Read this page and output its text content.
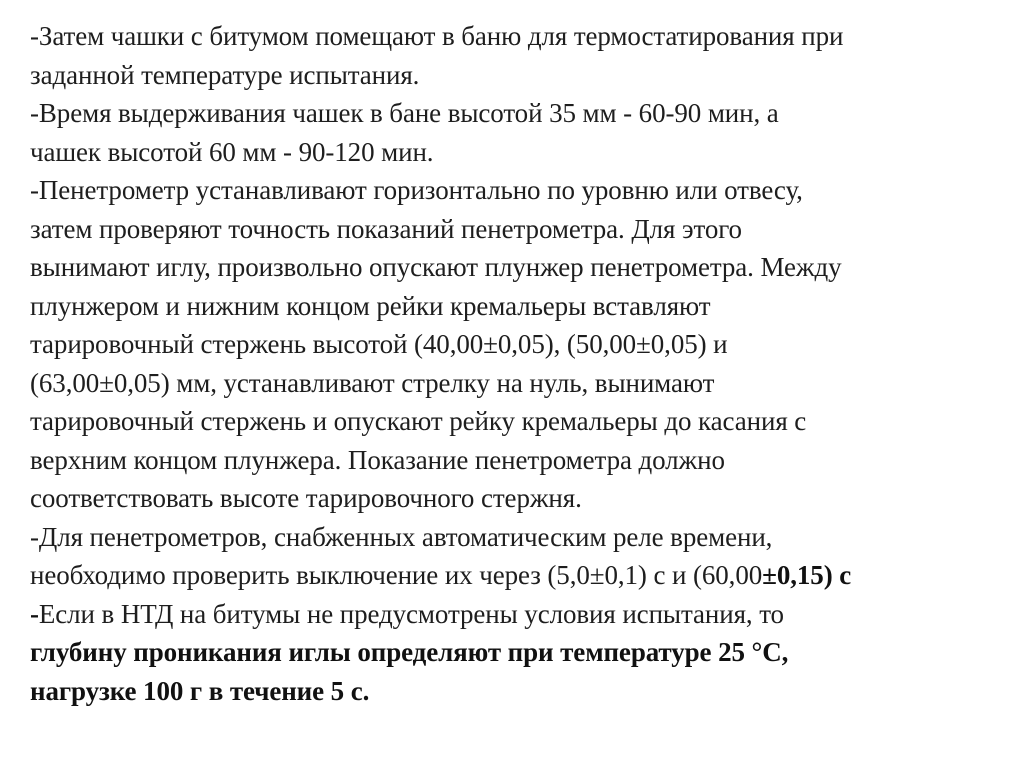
-Затем чашки с битумом помещают в баню для термостатирования при
заданной температуре испытания.
-Время выдерживания чашек в бане высотой 35 мм - 60-90 мин, а
чашек высотой 60 мм - 90-120 мин.
-Пенетрометр устанавливают горизонтально по уровню или отвесу,
затем проверяют точность показаний пенетрометра. Для этого
вынимают иглу, произвольно опускают плунжер пенетрометра. Между
плунжером и нижним концом рейки кремальеры вставляют
тарировочный стержень высотой (40,00±0,05), (50,00±0,05) и
(63,00±0,05) мм, устанавливают стрелку на нуль, вынимают
тарировочный стержень и опускают рейку кремальеры до касания с
верхним концом плунжера. Показание пенетрометра должно
соответствовать высоте тарировочного стержня.
-Для пенетрометров, снабженных автоматическим реле времени,
необходимо проверить выключение их через (5,0±0,1) с и (60,00±0,15) с
-Если в НТД на битумы не предусмотрены условия испытания, то
глубину проникания иглы определяют при температуре 25 °С,
нагрузке 100 г в течение 5 с.
